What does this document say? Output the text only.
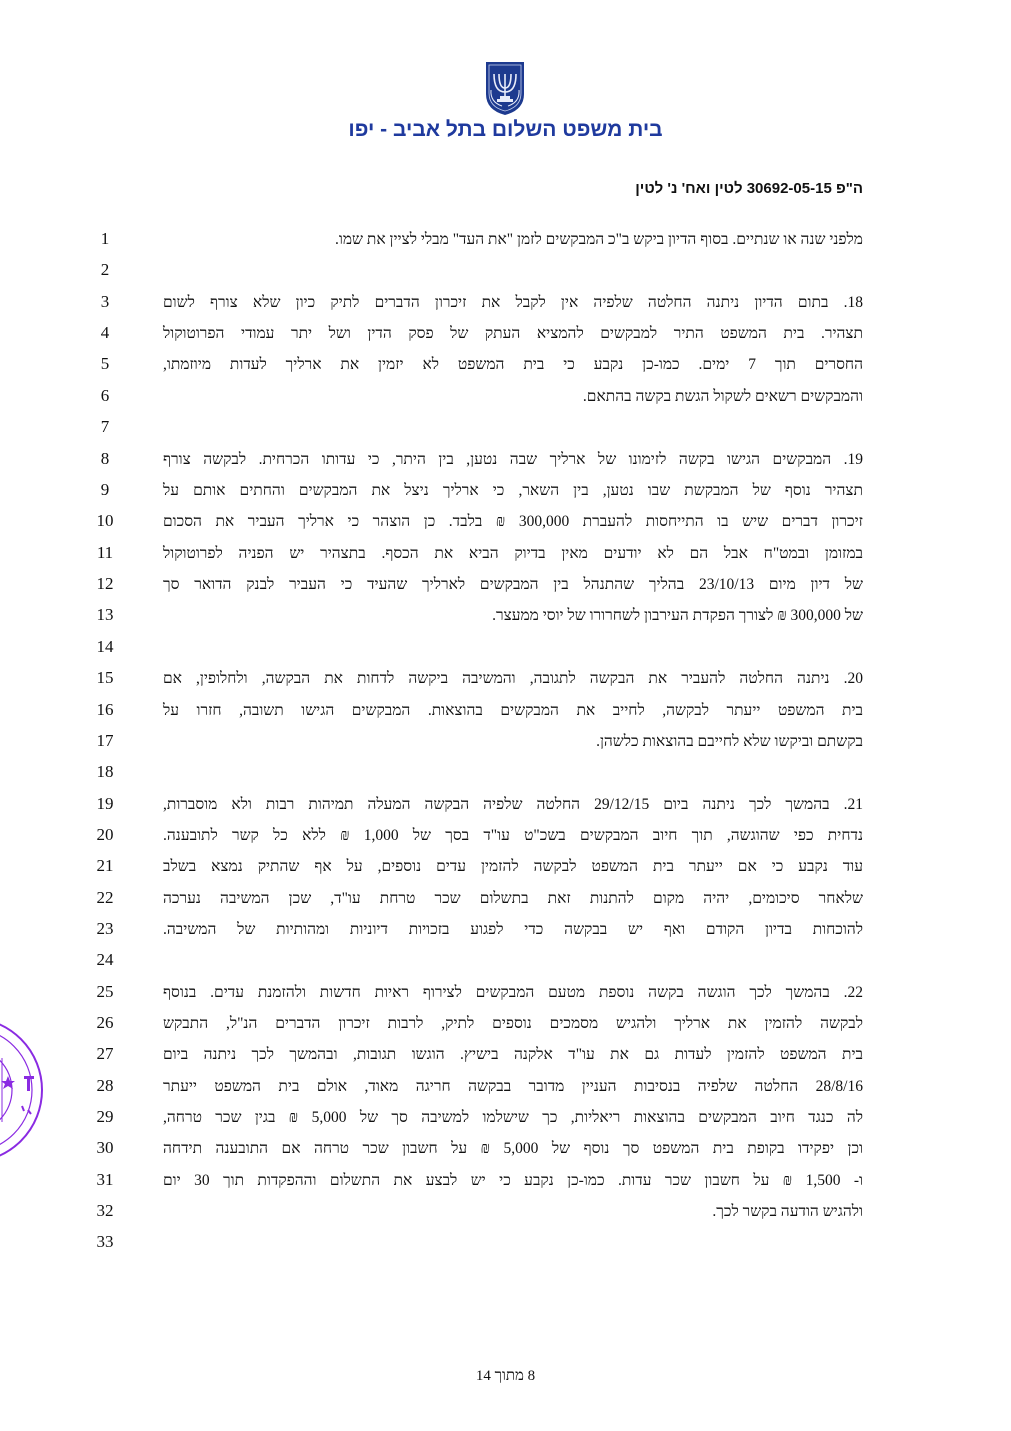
בית משפט השלום בתל אביב - יפו
ה"פ 30692-05-15 לטין ואח' נ' לטין
1
2
3
4
5
6
7
8
9
10
11
12
13
14
15
16
17
18
19
20
21
22
23
24
25
26
27
28
29
30
31
32
33
מלפני שנה או שנתיים. בסוף הדיון ביקש ב"כ המבקשים לזמן "את העד" מבלי לציין את שמו.
18. בתום הדיון ניתנה החלטה שלפיה אין לקבל את זיכרון הדברים לתיק כיון שלא צורף לשום
תצהיר. בית המשפט התיר למבקשים להמציא העתק של פסק הדין ושל יתר עמודי הפרוטוקול
החסרים תוך 7 ימים. כמו-כן נקבע כי בית המשפט לא יזמין את ארליך לעדות מיוזמתו,
והמבקשים רשאים לשקול הגשת בקשה בהתאם.
19. המבקשים הגישו בקשה לזימונו של ארליך שבה נטען, בין היתר, כי עדותו הכרחית. לבקשה צורף
תצהיר נוסף של המבקשת שבו נטען, בין השאר, כי ארליך ניצל את המבקשים והחתים אותם על
זיכרון דברים שיש בו התייחסות להעברת 300,000 ₪ בלבד. כן הוצהר כי ארליך העביר את הסכום
במזומן ובמט"ח אבל הם לא יודעים מאין בדיוק הביא את הכסף. בתצהיר יש הפניה לפרוטוקול
של דיון מיום 23/10/13 בהליך שהתנהל בין המבקשים לארליך שהעיד כי העביר לבנק הדואר סך
של 300,000 ₪ לצורך הפקדת העירבון לשחרורו של יוסי ממעצר.
20. ניתנה החלטה להעביר את הבקשה לתגובה, והמשיבה ביקשה לדחות את הבקשה, ולחלופין, אם
בית המשפט ייעתר לבקשה, לחייב את המבקשים בהוצאות. המבקשים הגישו תשובה, חזרו על
בקשתם וביקשו שלא לחייבם בהוצאות כלשהן.
21. בהמשך לכך ניתנה ביום 29/12/15 החלטה שלפיה הבקשה המעלה תמיהות רבות ולא מוסברות,
נדחית כפי שהוגשה, תוך חיוב המבקשים בשכ"ט עו"ד בסך של 1,000 ₪ ללא כל קשר לתובענה.
עוד נקבע כי אם ייעתר בית המשפט לבקשה להזמין עדים נוספים, על אף שהתיק נמצא בשלב
שלאחר סיכומים, יהיה מקום להתנות זאת בתשלום שכר טרחת עו"ד, שכן המשיבה נערכה
להוכחות בדיון הקודם ואף יש בבקשה כדי לפגוע בזכויות דיוניות ומהותיות של המשיבה.
22. בהמשך לכך הוגשה בקשה נוספת מטעם המבקשים לצירוף ראיות חדשות ולהזמנת עדים. בנוסף
לבקשה להזמין את ארליך ולהגיש מסמכים נוספים לתיק, לרבות זיכרון הדברים הנ"ל, התבקש
בית המשפט להזמין לעדות גם את עו"ד אלקנה בישיץ. הוגשו תגובות, ובהמשך לכך ניתנה ביום
28/8/16 החלטה שלפיה בנסיבות העניין מדובר בבקשה חריגה מאוד, אולם בית המשפט ייעתר
לה כנגד חיוב המבקשים בהוצאות ריאליות, כך שישלמו למשיבה סך של 5,000 ₪ בגין שכר טרחה,
וכן יפקידו בקופת בית המשפט סך נוסף של 5,000 ₪ על חשבון שכר טרחה אם התובענה תידחה
ו- 1,500 ₪ על חשבון שכר עדות. כמו-כן נקבע כי יש לבצע את התשלום וההפקדות תוך 30 יום
ולהגיש הודעה בקשר לכך.
8 מתוך 14
